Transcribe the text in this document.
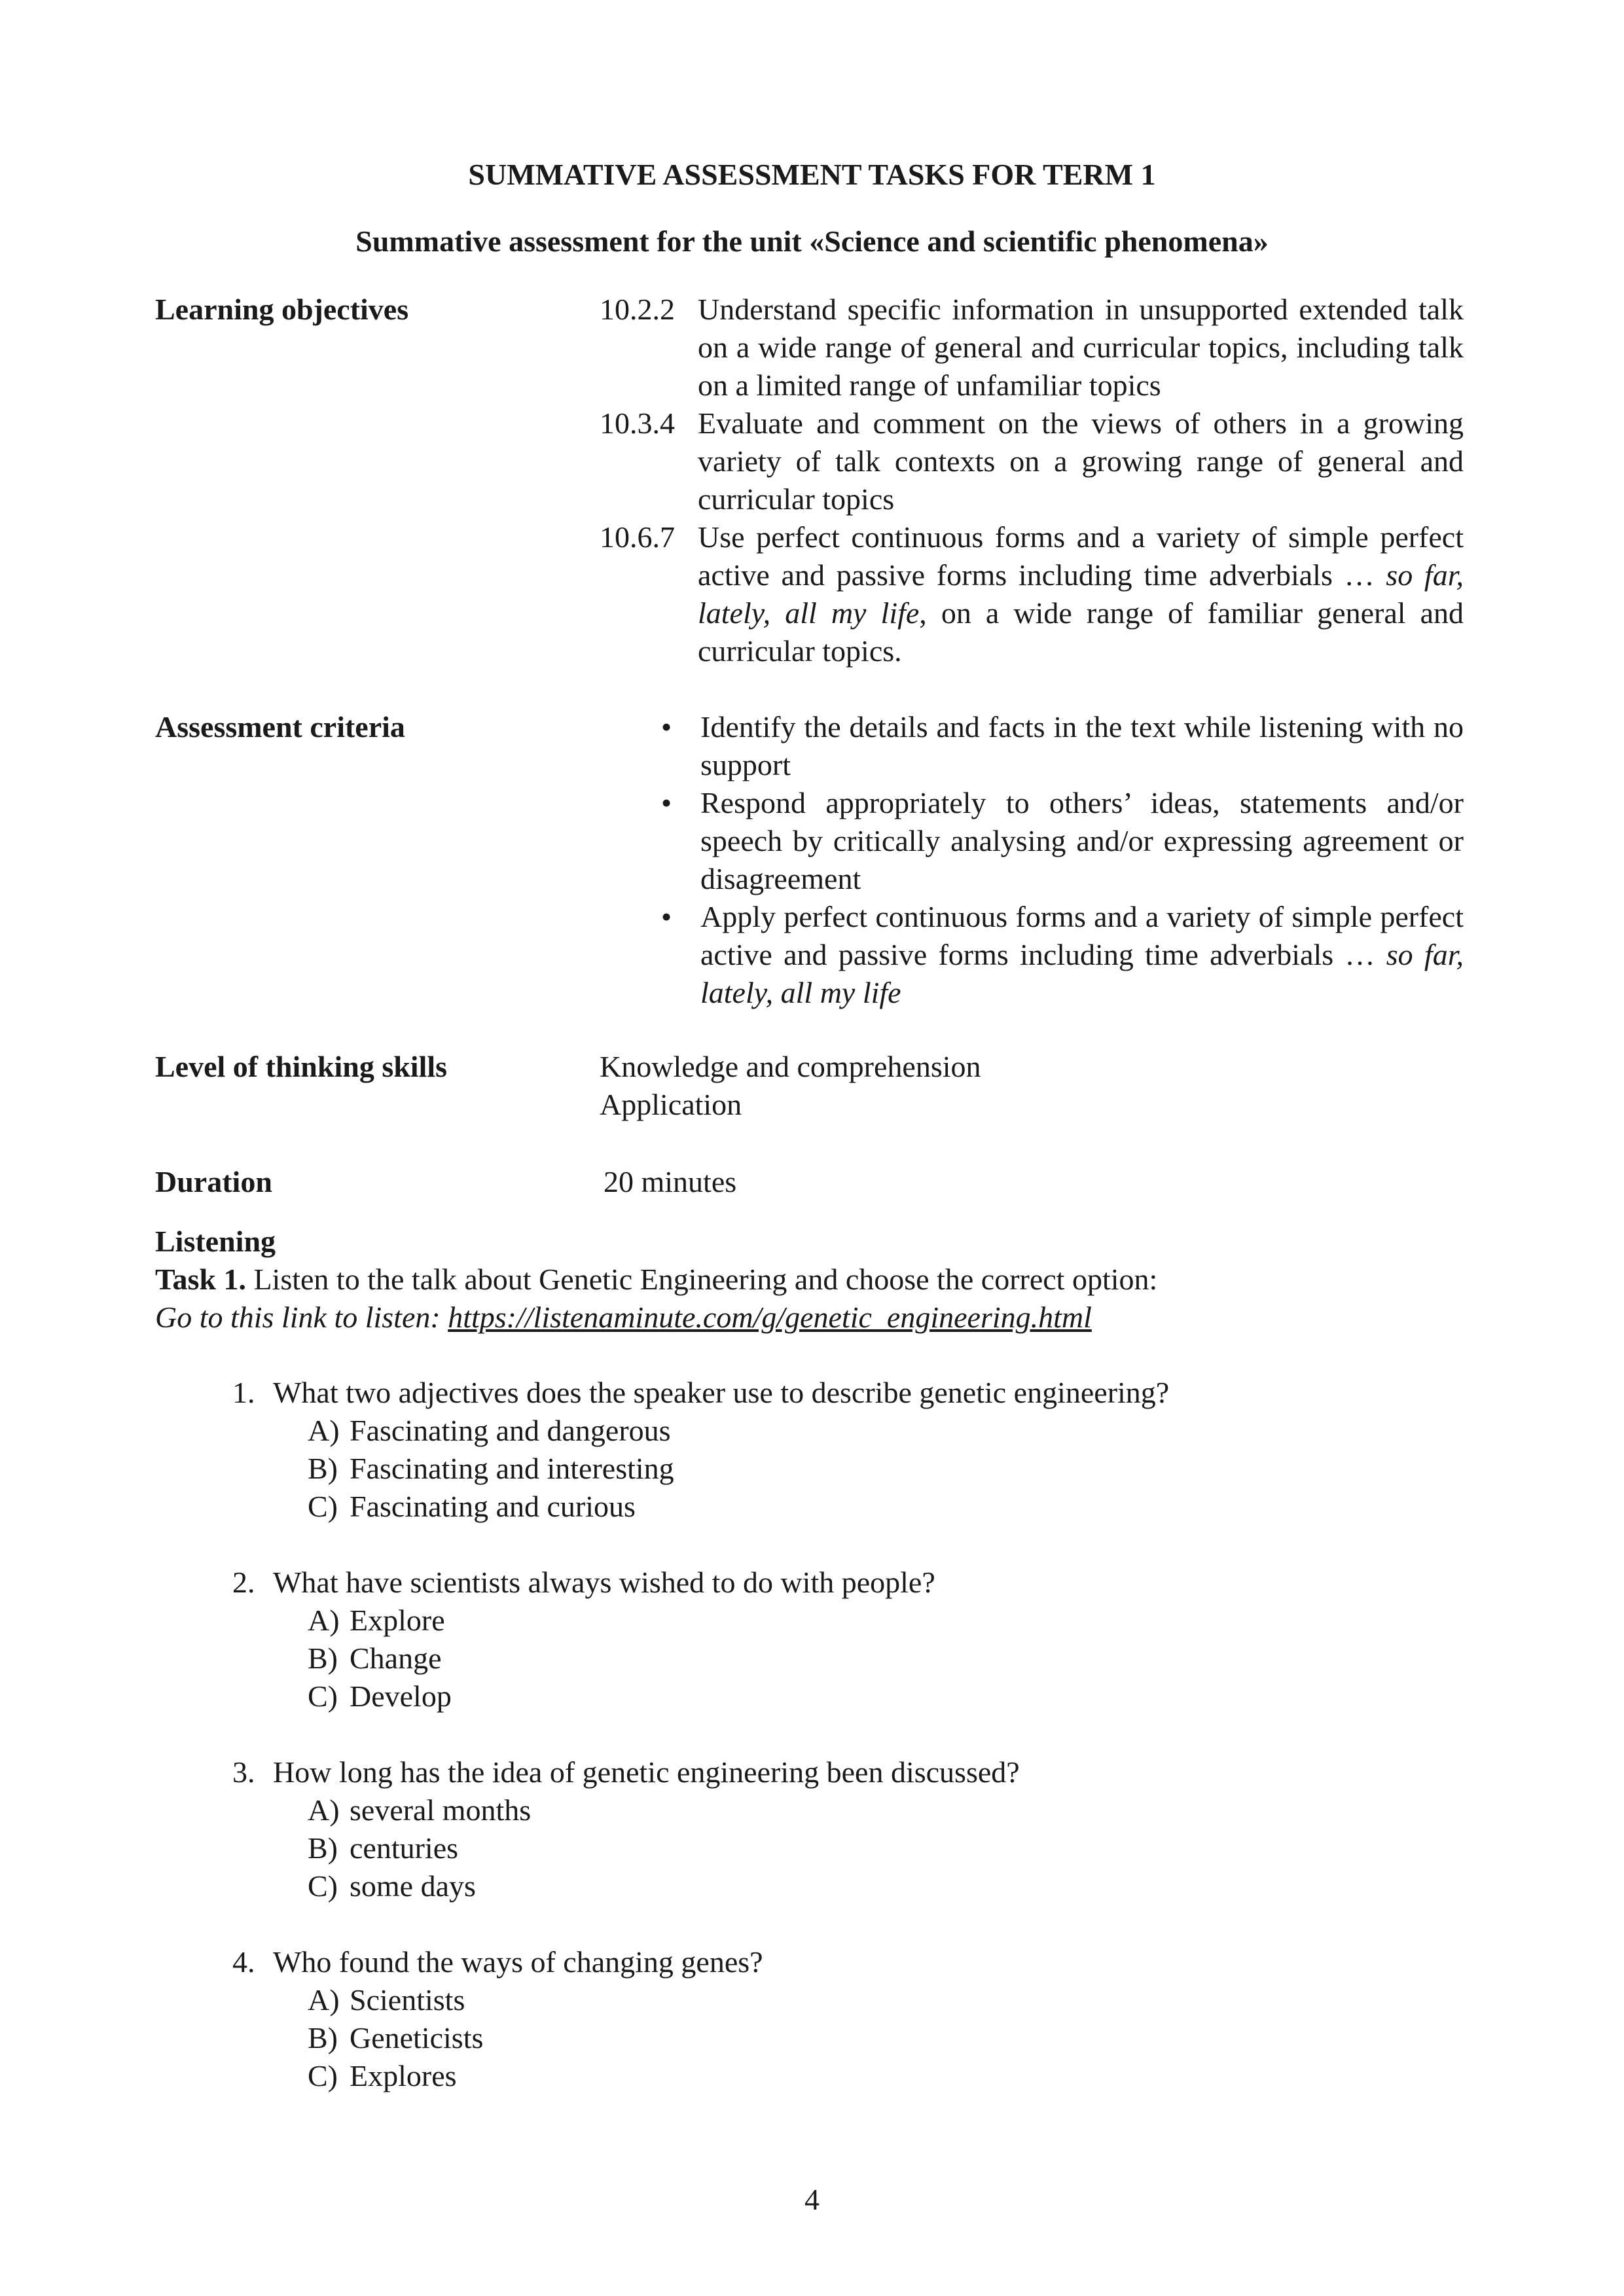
SUMMATIVE ASSESSMENT TASKS FOR TERM 1
Summative assessment for the unit «Science and scientific phenomena»
Learning objectives	10.2.2 Understand specific information in unsupported extended talk on a wide range of general and curricular topics, including talk on a limited range of unfamiliar topics
10.3.4 Evaluate and comment on the views of others in a growing variety of talk contexts on a growing range of general and curricular topics
10.6.7 Use perfect continuous forms and a variety of simple perfect active and passive forms including time adverbials … so far, lately, all my life, on a wide range of familiar general and curricular topics.
Assessment criteria	• Identify the details and facts in the text while listening with no support
• Respond appropriately to others’ ideas, statements and/or speech by critically analysing and/or expressing agreement or disagreement
• Apply perfect continuous forms and a variety of simple perfect active and passive forms including time adverbials … so far, lately, all my life
Level of thinking skills	Knowledge and comprehension
Application
Duration	20 minutes
Listening
Task 1. Listen to the talk about Genetic Engineering and choose the correct option:
Go to this link to listen: https://listenaminute.com/g/genetic_engineering.html
1. What two adjectives does the speaker use to describe genetic engineering?
A) Fascinating and dangerous
B) Fascinating and interesting
C) Fascinating and curious
2. What have scientists always wished to do with people?
A) Explore
B) Change
C) Develop
3. How long has the idea of genetic engineering been discussed?
A) several months
B) centuries
C) some days
4. Who found the ways of changing genes?
A) Scientists
B) Geneticists
C) Explores
4
